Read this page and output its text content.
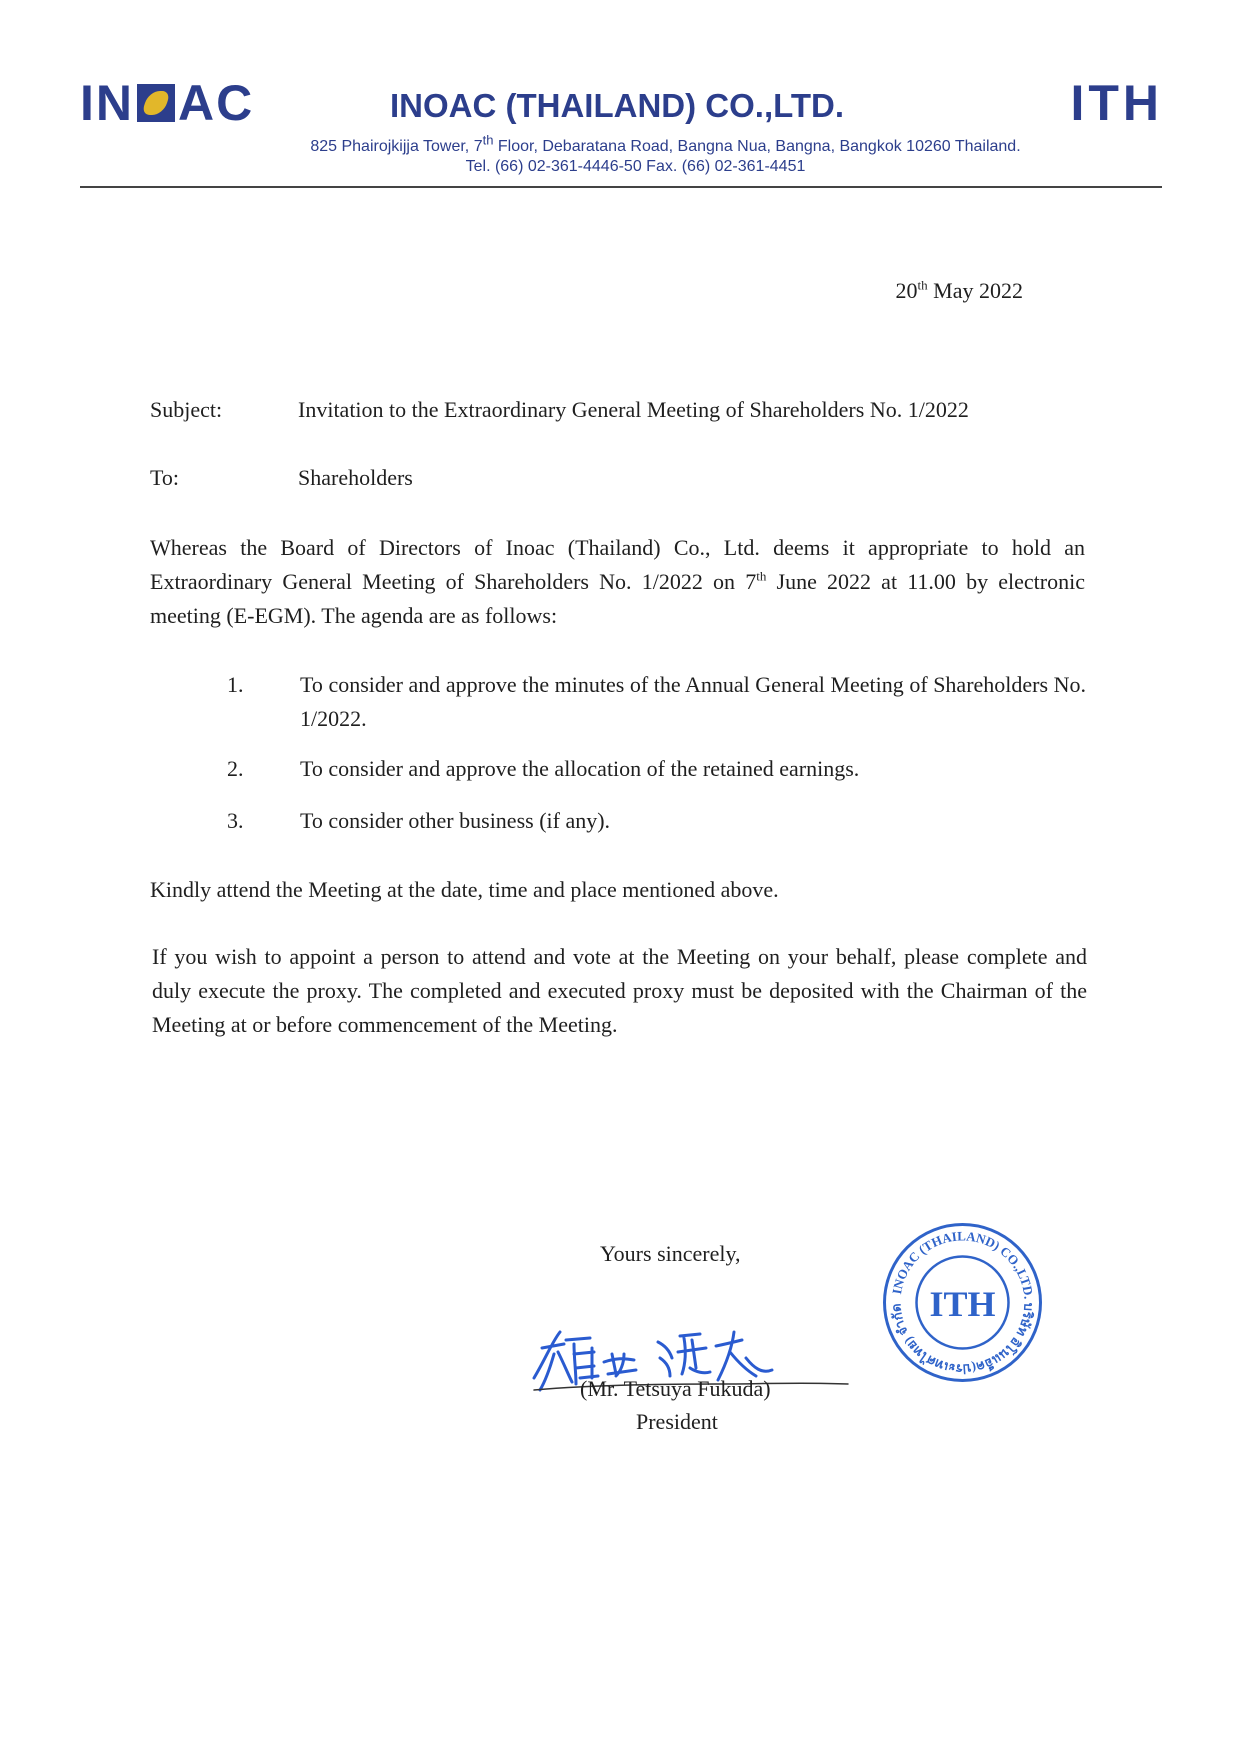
IN AC	INOAC (THAILAND) CO.,LTD.	ITH
825 Phairojkijja Tower, 7th Floor, Debaratana Road, Bangna Nua, Bangna, Bangkok 10260 Thailand.
Tel. (66) 02-361-4446-50 Fax. (66) 02-361-4451
20th May 2022
Subject:	Invitation to the Extraordinary General Meeting of Shareholders No. 1/2022
To:	Shareholders
Whereas the Board of Directors of Inoac (Thailand) Co., Ltd. deems it appropriate to hold an Extraordinary General Meeting of Shareholders No. 1/2022 on 7th June 2022 at 11.00 by electronic meeting (E-EGM). The agenda are as follows:
1.	To consider and approve the minutes of the Annual General Meeting of Shareholders No. 1/2022.
2.	To consider and approve the allocation of the retained earnings.
3.	To consider other business (if any).
Kindly attend the Meeting at the date, time and place mentioned above.
If you wish to appoint a person to attend and vote at the Meeting on your behalf, please complete and duly execute the proxy. The completed and executed proxy must be deposited with the Chairman of the Meeting at or before commencement of the Meeting.
Yours sincerely,
(Mr. Tetsuya Fukuda)
President
INOAC (THAILAND) CO.,LTD. บริษัท อิโนแอ็ค(ประเทศไทย) จำกัด ITH
